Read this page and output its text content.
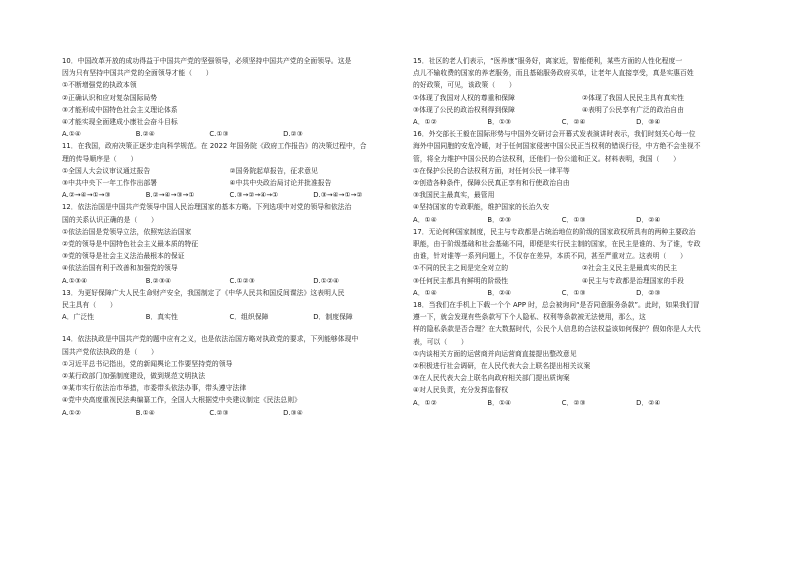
10．中国改革开放的成功得益于中国共产党的坚强领导，必须坚持中国共产党的全面领导。这是

因为只有坚持中国共产党的全面领导才能（　　）

①不断增强党的执政本领

②正确认识和应对复杂国际局势

③才能形成中国特色社会主义理论体系

④才能实现全面建成小康社会奋斗目标

A.①④	B.②④	C.①③	D.②③

11．在我国，政府决策正逐步走向科学规范。在 2022 年国务院《政府工作报告》的决策过程中，合

理的传导顺序是（　　）

①全国人大会议审议通过报告	②国务院起草报告，征求意见
③中共中央下一年工作作出部署	④中共中央政治局讨论并批准报告
A.②→④→①→③	B.②→④→③→①	C.③→②→④→①	D.③→④→①→②

12．依法治国是中国共产党领导中国人民治理国家的基本方略。下列选项中对党的领导和依法治

国的关系认识正确的是（　　）

①依法治国是党领导立法，依照宪法治国家

②党的领导是中国特色社会主义最本质的特征

③党的领导是社会主义法治最根本的保证

④依法治国有利于改善和加强党的领导

A.①③④	B.②③④	C.①②③	D.①②④

13．为更好保障广大人民生命财产安全，我国制定了《中华人民共和国反间谍法》这表明人民

民主具有（　　）

A．广泛性	B．真实性	C．组织保障	D．制度保障

14．依法执政是中国共产党的题中应有之义，也是依法治国方略对执政党的要求，下列能够体现中

国共产党依法执政的是（　　）

①习近平总书记指出，党的新闻舆论工作要坚持党的领导

②某行政部门加强制度建设，做到规范文明执法

③某市实行依法治市举措，市委带头依法办事，带头遵守法律

④党中央高度重视民法典编纂工作，全国人大根据党中央建议制定《民法总则》

A.①②	B.①④	C.②③	D.③④

15．社区的老人们表示，“医养康”服务好，离家近，智能便利，某些方面的人性化程度一

点儿不输收费的国家的养老服务，而且基础服务政府买单，让老年人直接享受，真是实惠百姓

的好政策，可见，该政策（　　）

①体现了我国对人权的尊重和保障	②体现了我国人民民主具有真实性
③体现了公民的政治权利得到保障	④表明了公民享有广泛的政治自由
A．①②	B．①③	C．②④	D．③④

16．外交部长王毅在国际形势与中国外交研讨会开幕式发表演讲时表示，我们时刻关心每一位

海外中国同胞的安危冷暖，对于任何国家侵害中国公民正当权利的错误行径，中方绝不会坐视不

管，将全力维护中国公民的合法权利，还他们一份公道和正义。材料表明，我国（　　）

①在保护公民的合法权利方面，对任何公民一律平等

②创造各种条件，保障公民真正享有和行使政治自由

③我国民主最真实，最管用

④坚持国家的专政职能，维护国家的长治久安

A．①④	B．②③	C．①③	D．②④

17．无论何种国家制度，民主与专政都是占统治地位的阶级的国家政权所具有的两种主要政治

职能，由于阶级基础和社会基础不同，即便是实行民主制的国家，在民主是谁的、为了谁，专政

由谁，针对谁等一系列问题上，不仅存在差异，本质不同，甚至严重对立。这表明（　　）

①不同的民主之间是完全对立的	②社会主义民主是最真实的民主
③任何民主都具有鲜明的阶级性	④民主与专政都是治理国家的手段
A．①④	B．②④	C．①③	D．②③

18．当我们在手机上下载一个个 APP 时，总会被询问“是否同意服务条款”。此时，如果我们冒

遵一下，就会发现有些条款写下个人隐私、权利等条款被无法使用，那么，这

样的隐私条款是否合理？在大数据时代，公民个人信息的合法权益该如何保护？假如你是人大代

表，可以（　　）

①内谈相关方面的运营商并向运营商直接提出整改意见

②积极进行社会调研，在人民代表大会上联名提出相关议案

③在人民代表大会上联名向政府相关部门提出质询案

④对人民负责，充分发挥监督权

A．①②	B．①④	C．②③	D．②④
